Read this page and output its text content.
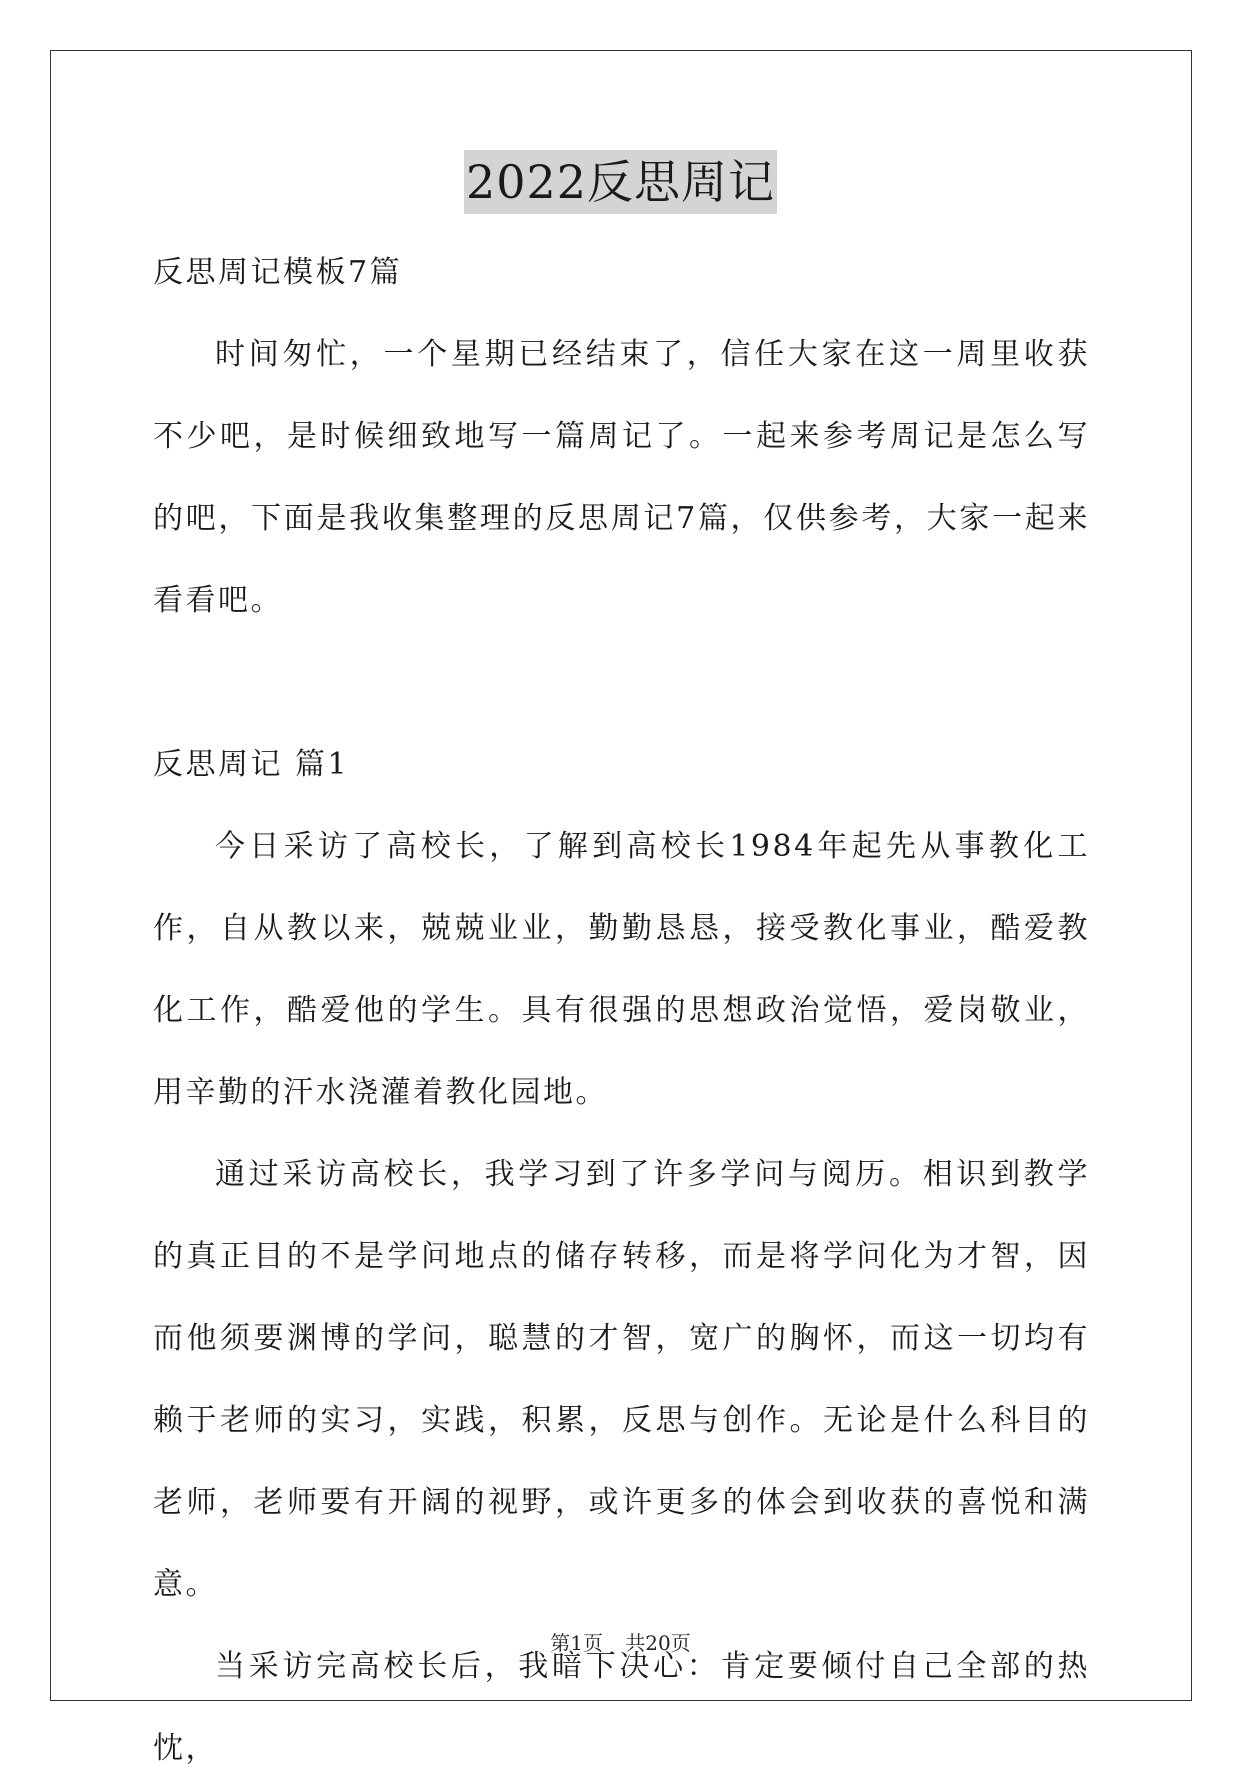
2022反思周记

反思周记模板7篇

时间匆忙，一个星期已经结束了，信任大家在这一周里收获不少吧，是时候细致地写一篇周记了。一起来参考周记是怎么写的吧，下面是我收集整理的反思周记7篇，仅供参考，大家一起来看看吧。

反思周记 篇1

今日采访了高校长，了解到高校长1984年起先从事教化工作，自从教以来，兢兢业业，勤勤恳恳，接受教化事业，酷爱教化工作，酷爱他的学生。具有很强的思想政治觉悟，爱岗敬业，用辛勤的汗水浇灌着教化园地。

通过采访高校长，我学习到了许多学问与阅历。相识到教学的真正目的不是学问地点的储存转移，而是将学问化为才智，因而他须要渊博的学问，聪慧的才智，宽广的胸怀，而这一切均有赖于老师的实习，实践，积累，反思与创作。无论是什么科目的老师，老师要有开阔的视野，或许更多的体会到收获的喜悦和满意。

当采访完高校长后，我暗下决心：肯定要倾付自己全部的热忱，

第1页 共20页
